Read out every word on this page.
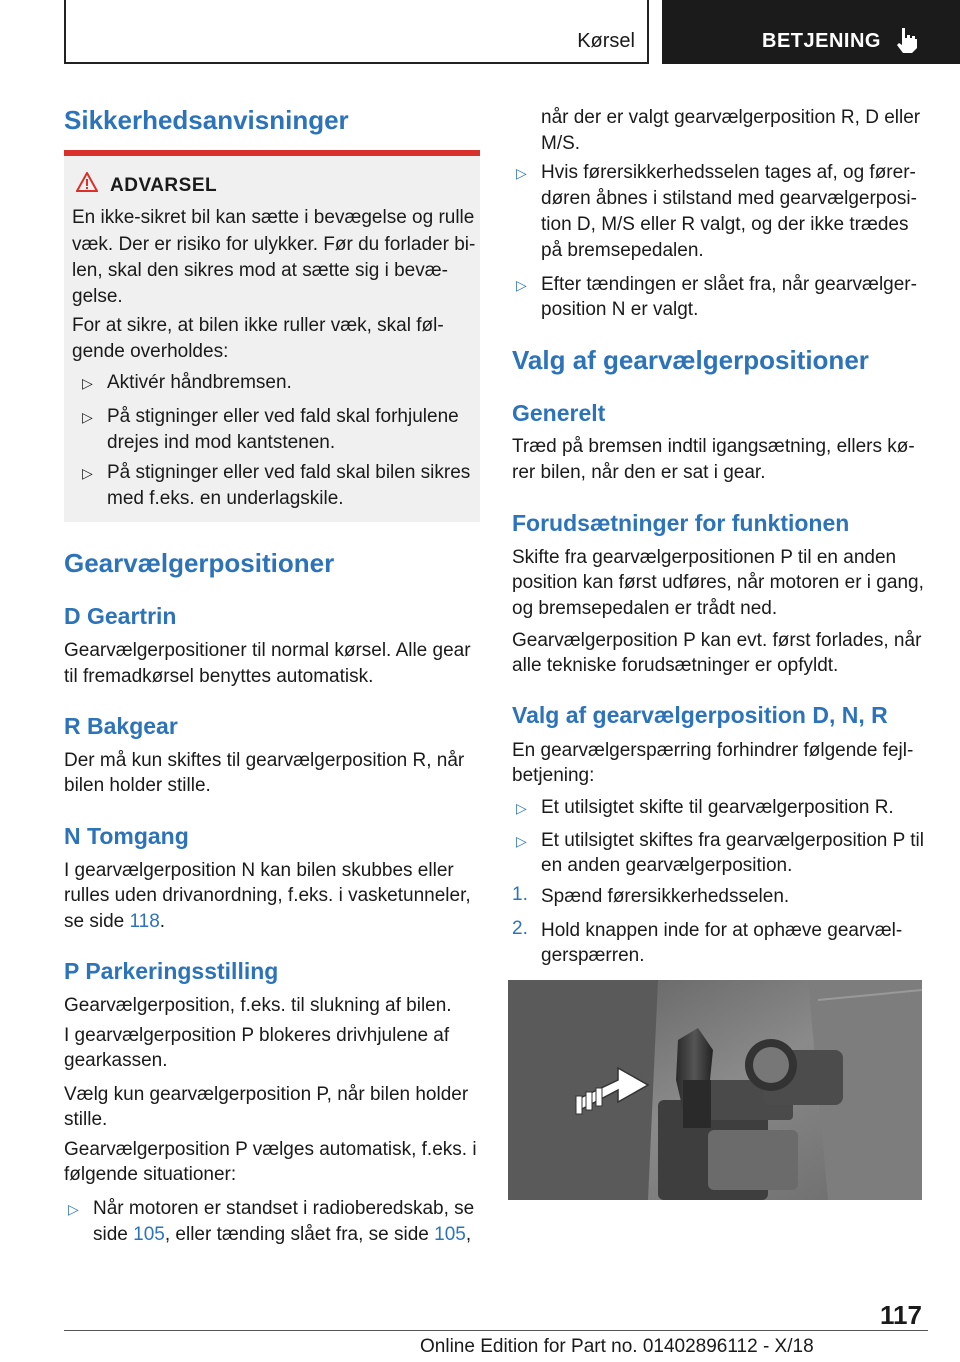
Kørsel	BETJENING
Sikkerhedsanvisninger
ADVARSEL
En ikke-sikret bil kan sætte i bevægelse og rulle
væk. Der er risiko for ulykker. Før du forlader bi-
len, skal den sikres mod at sætte sig i bevæ-
gelse.
For at sikre, at bilen ikke ruller væk, skal føl-
gende overholdes:
▷ Aktivér håndbremsen.
▷ På stigninger eller ved fald skal forhjulene
drejes ind mod kantstenen.
▷ På stigninger eller ved fald skal bilen sikres
med f.eks. en underlagskile.
Gearvælgerpositioner
D Geartrin
Gearvælgerpositioner til normal kørsel. Alle gear
til fremadkørsel benyttes automatisk.
R Bakgear
Der må kun skiftes til gearvælgerposition R, når
bilen holder stille.
N Tomgang
I gearvælgerposition N kan bilen skubbes eller
rulles uden drivanordning, f.eks. i vasketunneler,
se side 118.
P Parkeringsstilling
Gearvælgerposition, f.eks. til slukning af bilen.
I gearvælgerposition P blokeres drivhjulene af
gearkassen.
Vælg kun gearvælgerposition P, når bilen holder
stille.
Gearvælgerposition P vælges automatisk, f.eks. i
følgende situationer:
▷ Når motoren er standset i radioberedskab, se
side 105, eller tænding slået fra, se side 105,
når der er valgt gearvælgerposition R, D eller
M/S.
▷ Hvis førersikkerhedsselen tages af, og fører-
døren åbnes i stilstand med gearvælgerposi-
tion D, M/S eller R valgt, og der ikke trædes
på bremsepedalen.
▷ Efter tændingen er slået fra, når gearvælger-
position N er valgt.
Valg af gearvælgerpositioner
Generelt
Træd på bremsen indtil igangsætning, ellers kø-
rer bilen, når den er sat i gear.
Forudsætninger for funktionen
Skifte fra gearvælgerpositionen P til en anden
position kan først udføres, når motoren er i gang,
og bremsepedalen er trådt ned.
Gearvælgerposition P kan evt. først forlades, når
alle tekniske forudsætninger er opfyldt.
Valg af gearvælgerposition D, N, R
En gearvælgerspærring forhindrer følgende fejl-
betjening:
▷ Et utilsigtet skifte til gearvælgerposition R.
▷ Et utilsigtet skiftes fra gearvælgerposition P til
en anden gearvælgerposition.
1. Spænd førersikkerhedsselen.
2. Hold knappen inde for at ophæve gearvæl-
gerspærren.
117
Online Edition for Part no. 01402896112 - X/18
